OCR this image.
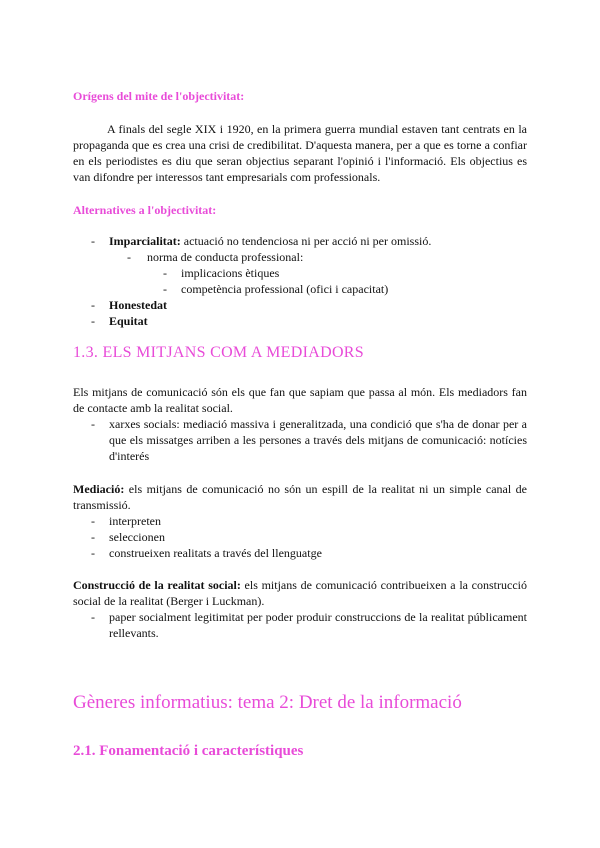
Orígens del mite de l'objectivitat:
A finals del segle XIX i 1920, en la primera guerra mundial estaven tant centrats en la propaganda que es crea una crisi de credibilitat. D'aquesta manera, per a que es torne a confiar en els periodistes es diu que seran objectius separant l'opinió i l'informació. Els objectius es van difondre per interessos tant empresarials com professionals.
Alternatives a l'objectivitat:
- Imparcialitat: actuació no tendenciosa ni per acció ni per omissió.
- norma de conducta professional:
- implicacions ètiques
- competència professional (ofici i capacitat)
- Honestedat
- Equitat
1.3. ELS MITJANS COM A MEDIADORS
Els mitjans de comunicació són els que fan que sapiam que passa al món. Els mediadors fan de contacte amb la realitat social.
- xarxes socials: mediació massiva i generalitzada, una condició que s'ha de donar per a que els missatges arriben a les persones a través dels mitjans de comunicació: notícies d'interés
Mediació: els mitjans de comunicació no són un espill de la realitat ni un simple canal de transmissió.
- interpreten
- seleccionen
- construeixen realitats a través del llenguatge
Construcció de la realitat social: els mitjans de comunicació contribueixen a la construcció social de la realitat (Berger i Luckman).
- paper socialment legitimitat per poder produir construccions de la realitat públicament rellevants.
Gèneres informatius: tema 2: Dret de la informació
2.1. Fonamentació i característiques
